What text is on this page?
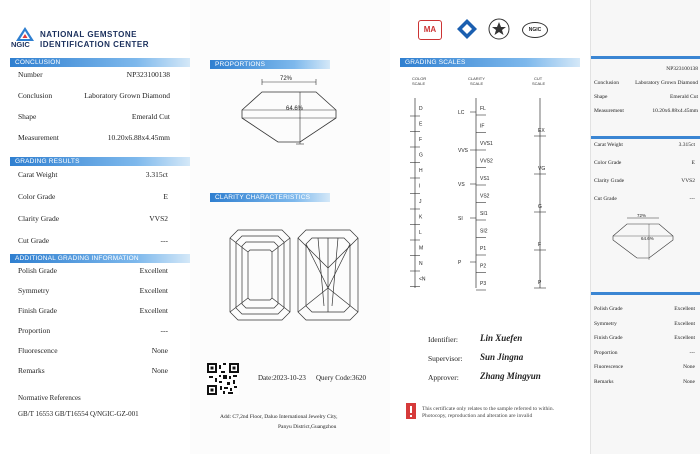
NGIC
NATIONAL GEMSTONE
IDENTIFICATION CENTER
CONCLUSION
Number	NP323100138
Conclusion	Laboratory Grown Diamond
Shape	Emerald Cut
Measurement	10.20x6.88x4.45mm
GRADING RESULTS
Carat Weight	3.315ct
Color Grade	E
Clarity Grade	VVS2
Cut Grade	---
ADDITIONAL GRADING INFORMATION
Polish Grade	Excellent
Symmetry	Excellent
Finish Grade	Excellent
Proportion	---
Fluorescence	None
Remarks	None
Normative References
GB/T 16553 GB/T16554 Q/NGIC-GZ-001
PROPORTIONS
72%
64.6%
CLARITY CHARACTERISTICS
Date:2023-10-23 Query Code:3620
Add: C7,2nd Floor, Daluo International Jewelry City,
Panyu District,Guangzhou
MA	NGIC
GRADING SCALES
COLOR
SCALE
CLARITY
SCALE
CUT
SCALE
D
E
F
G
H
I
J
K
L
M
N
<N
FL
IF
VVS1
VVS2
VS1
VS2
SI1
SI2
P1
P2
P3
LC
VVS
VS
SI
P
EX
VG
G
F
P
Identifier: Lin Xuefen
Supervisor: Sun Jingna
Approver: Zhang Mingyun
This certificate only relates to the sample referred to within. Photocopy, reproduction and alteration are invalid
NP323100138
Conclusion	Laboratory Grown Diamond
Shape	Emerald Cut
Measurement	10.20x6.88x4.45mm
Carat Weight	3.315ct
Color Grade	E
Clarity Grade	VVS2
Cut Grade	---
72%
64.6%
Polish Grade	Excellent
Symmetry	Excellent
Finish Grade	Excellent
Proportion	---
Fluorescence	None
Remarks	None
